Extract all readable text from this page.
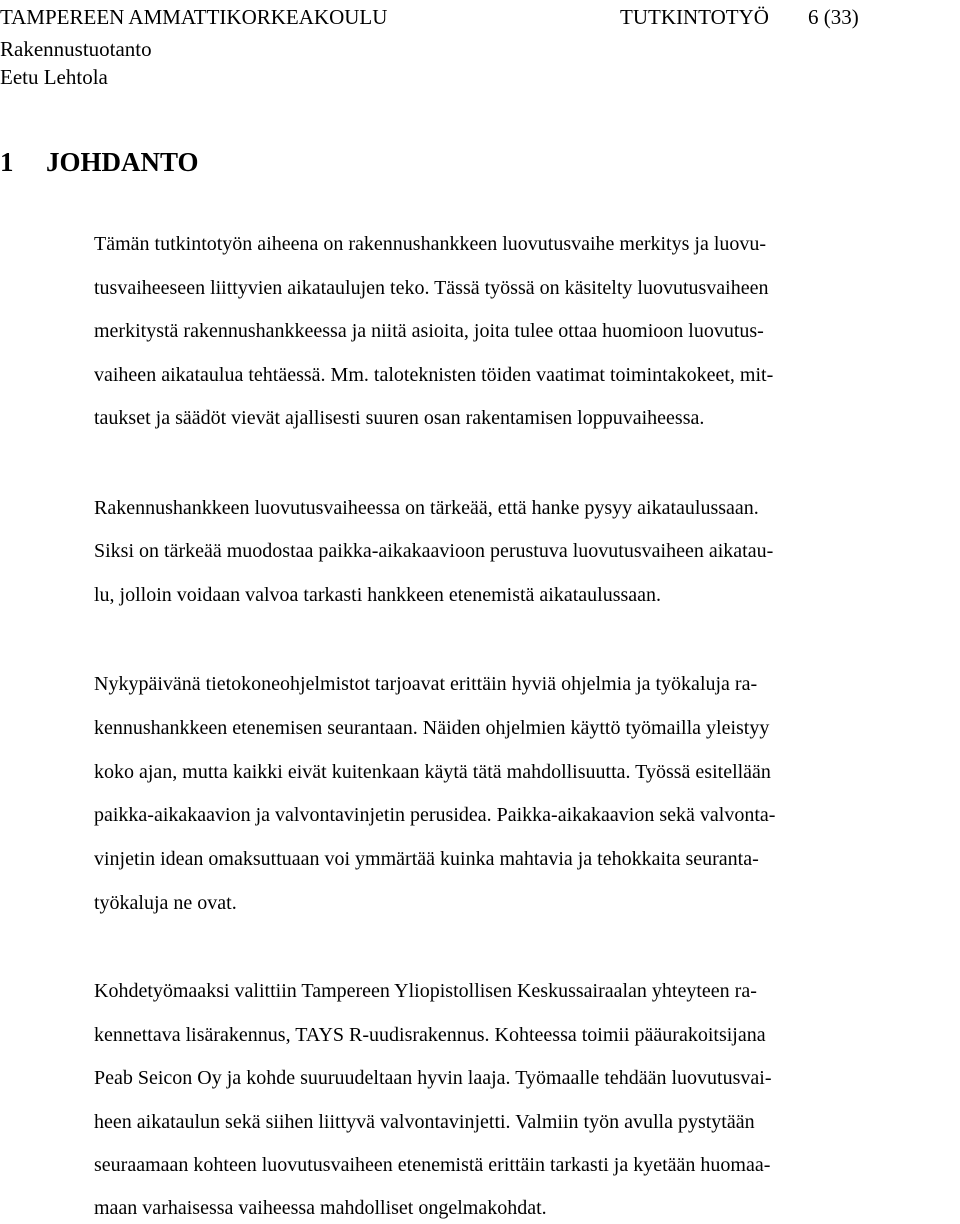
TAMPEREEN AMMATTIKORKEAKOULU	TUTKINTOTYÖ 6 (33)
Rakennustuotanto
Eetu Lehtola
1 JOHDANTO
Tämän tutkintotyön aiheena on rakennushankkeen luovutusvaihe merkitys ja luovu-
tusvaiheeseen liittyvien aikataulujen teko. Tässä työssä on käsitelty luovutusvaiheen
merkitystä rakennushankkeessa ja niitä asioita, joita tulee ottaa huomioon luovutus-
vaiheen aikataulua tehtäessä. Mm. taloteknisten töiden vaatimat toimintakokeet, mit-
taukset ja säädöt vievät ajallisesti suuren osan rakentamisen loppuvaiheessa.
Rakennushankkeen luovutusvaiheessa on tärkeää, että hanke pysyy aikataulussaan.
Siksi on tärkeää muodostaa paikka-aikakaavioon perustuva luovutusvaiheen aikatau-
lu, jolloin voidaan valvoa tarkasti hankkeen etenemistä aikataulussaan.
Nykypäivänä tietokoneohjelmistot tarjoavat erittäin hyviä ohjelmia ja työkaluja ra-
kennushankkeen etenemisen seurantaan. Näiden ohjelmien käyttö työmailla yleistyy
koko ajan, mutta kaikki eivät kuitenkaan käytä tätä mahdollisuutta. Työssä esitellään
paikka-aikakaavion ja valvontavinjetin perusidea. Paikka-aikakaavion sekä valvonta-
vinjetin idean omaksuttuaan voi ymmärtää kuinka mahtavia ja tehokkaita seuranta-
työkaluja ne ovat.
Kohdetyömaaksi valittiin Tampereen Yliopistollisen Keskussairaalan yhteyteen ra-
kennettava lisärakennus, TAYS R-uudisrakennus. Kohteessa toimii pääurakoitsijana
Peab Seicon Oy ja kohde suuruudeltaan hyvin laaja. Työmaalle tehdään luovutusvai-
heen aikataulun sekä siihen liittyvä valvontavinjetti. Valmiin työn avulla pystytään
seuraamaan kohteen luovutusvaiheen etenemistä erittäin tarkasti ja kyetään huomaa-
maan varhaisessa vaiheessa mahdolliset ongelmakohdat.
